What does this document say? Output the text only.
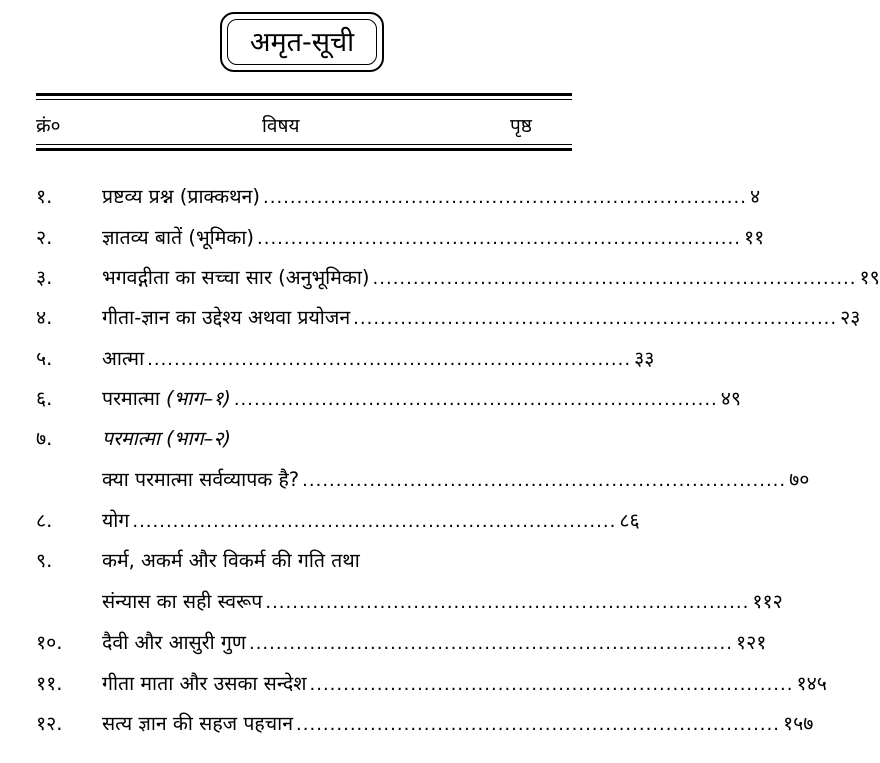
अमृत-सूची
क्रं०	विषय	पृष्ठ
१.	प्रष्टव्य प्रश्न (प्राक्कथन) ........................................................................ ४
२.	ज्ञातव्य बातें (भूमिका) ........................................................................ ११
३.	भगवद्गीता का सच्चा सार (अनुभूमिका) ........................................................................ १९
४.	गीता-ज्ञान का उद्देश्य अथवा प्रयोजन ........................................................................ २३
५.	आत्मा ........................................................................ ३३
६.	परमात्मा (भाग–१) ........................................................................ ४९
७.	परमात्मा (भाग–२)
क्या परमात्मा सर्वव्यापक है? ........................................................................ ७०
८.	योग ........................................................................ ८६
९.	कर्म, अकर्म और विकर्म की गति तथा
संन्यास का सही स्वरूप ........................................................................ ११२
१०. दैवी और आसुरी गुण ........................................................................ १२१
११. गीता माता और उसका सन्देश ........................................................................ १४५
१२. सत्य ज्ञान की सहज पहचान ........................................................................ १५७
